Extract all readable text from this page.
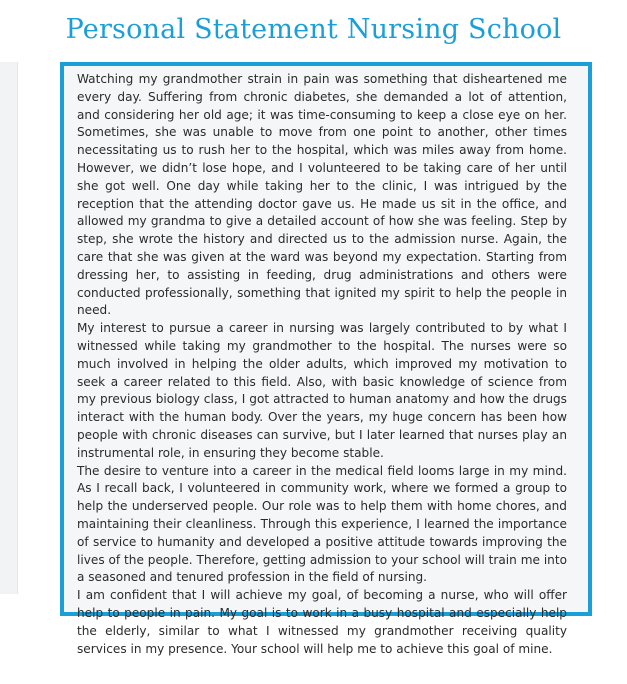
Personal Statement Nursing School

Watching my grandmother strain in pain was something that disheartened me every day. Suffering from chronic diabetes, she demanded a lot of attention, and considering her old age; it was time-consuming to keep a close eye on her. Sometimes, she was unable to move from one point to another, other times necessitating us to rush her to the hospital, which was miles away from home. However, we didn’t lose hope, and I volunteered to be taking care of her until she got well. One day while taking her to the clinic, I was intrigued by the reception that the attending doctor gave us. He made us sit in the office, and allowed my grandma to give a detailed account of how she was feeling. Step by step, she wrote the history and directed us to the admission nurse. Again, the care that she was given at the ward was beyond my expectation. Starting from dressing her, to assisting in feeding, drug administrations and others were conducted professionally, something that ignited my spirit to help the people in need.

My interest to pursue a career in nursing was largely contributed to by what I witnessed while taking my grandmother to the hospital. The nurses were so much involved in helping the older adults, which improved my motivation to seek a career related to this field. Also, with basic knowledge of science from my previous biology class, I got attracted to human anatomy and how the drugs interact with the human body. Over the years, my huge concern has been how people with chronic diseases can survive, but I later learned that nurses play an instrumental role, in ensuring they become stable.

The desire to venture into a career in the medical field looms large in my mind. As I recall back, I volunteered in community work, where we formed a group to help the underserved people. Our role was to help them with home chores, and maintaining their cleanliness. Through this experience, I learned the importance of service to humanity and developed a positive attitude towards improving the lives of the people. Therefore, getting admission to your school will train me into a seasoned and tenured profession in the field of nursing.

I am confident that I will achieve my goal, of becoming a nurse, who will offer help to people in pain. My goal is to work in a busy hospital and especially help the elderly, similar to what I witnessed my grandmother receiving quality services in my presence. Your school will help me to achieve this goal of mine.
